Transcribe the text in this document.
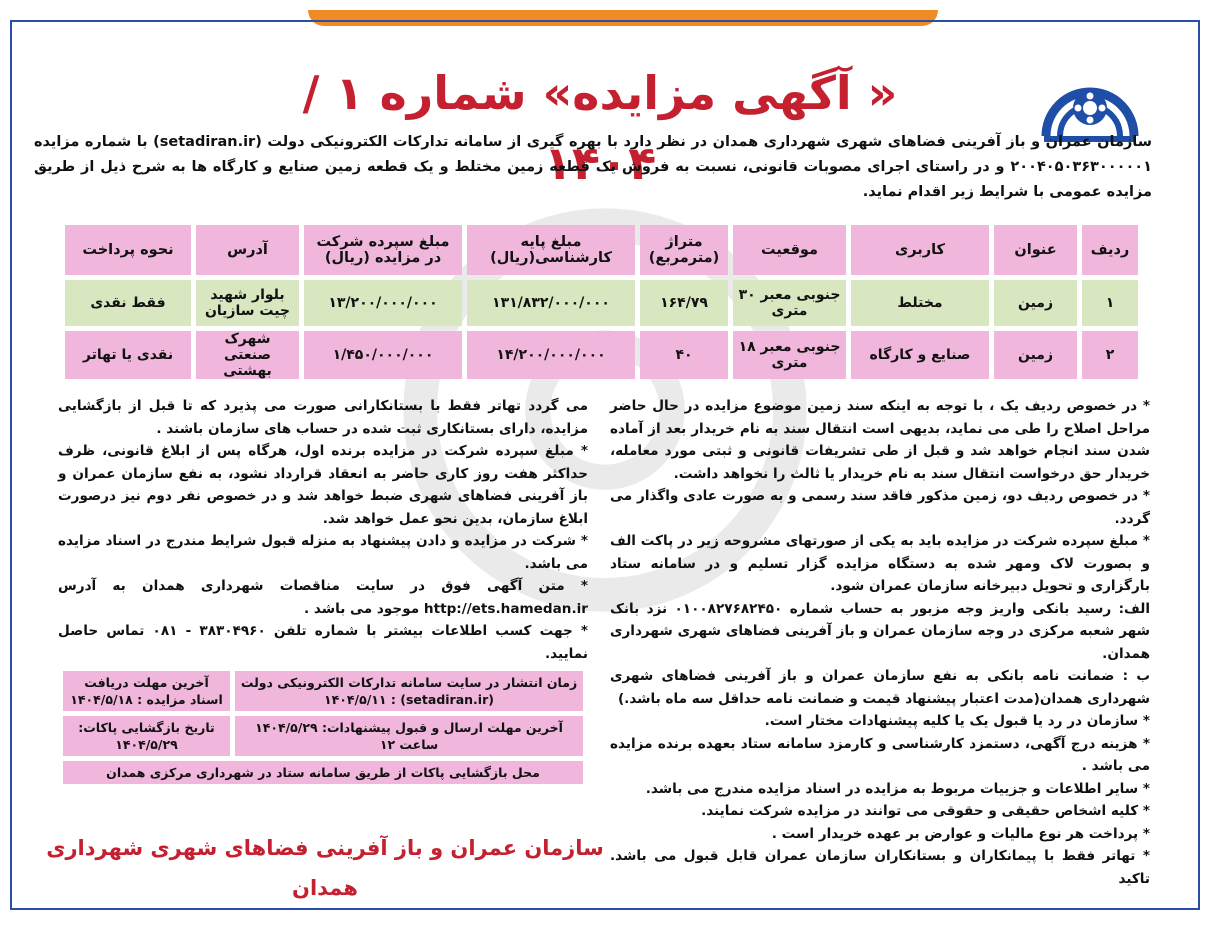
« آگهی مزایده» شماره ۱ /۱۴۰۴
سازمان عمران و باز آفرینی فضاهای شهری شهرداری همدان در نظر دارد با بهره گیری از سامانه تدارکات الکترونیکی دولت (setadiran.ir) با شماره مزایده ۲۰۰۴۰۵۰۳۶۳۰۰۰۰۰۱ و در راستای اجرای مصوبات قانونی، نسبت به فروش یک قطعه زمین مختلط و یک قطعه زمین صنایع و کارگاه ها به شرح ذیل از طریق مزایده عمومی با شرایط زیر اقدام نماید.
ردیف	عنوان	کاربری	موقعیت	متراژ (مترمربع)	مبلغ پایه کارشناسی(ریال)	مبلغ سپرده شرکت در مزایده (ریال)	آدرس	نحوه پرداخت
۱	زمین	مختلط	جنوبی معبر ۳۰ متری	۱۶۴/۷۹	۱۳۱/۸۳۲/۰۰۰/۰۰۰	۱۳/۲۰۰/۰۰۰/۰۰۰	بلوار شهید چیت سازیان	فقط نقدی
۲	زمین	صنایع و کارگاه	جنوبی معبر ۱۸ متری	۴۰	۱۴/۲۰۰/۰۰۰/۰۰۰	۱/۴۵۰/۰۰۰/۰۰۰	شهرک صنعتی بهشتی	نقدی یا تهاتر

* در خصوص ردیف یک ، با توجه به اینکه سند زمین موضوع مزایده در حال حاضر مراحل اصلاح را طی می نماید، بدیهی است انتقال سند به نام خریدار بعد از آماده شدن سند انجام خواهد شد و قبل از طی تشریفات قانونی و ثبتی مورد معامله، خریدار حق درخواست انتقال سند به نام خریدار یا ثالث را نخواهد داشت.

* در خصوص ردیف دو، زمین مذکور فاقد سند رسمی و به صورت عادی واگذار می گردد.

* مبلغ سپرده شرکت در مزایده باید به یکی از صورتهای مشروحه زیر در پاکت الف و بصورت لاک ومهر شده به دستگاه مزایده گزار تسلیم و در سامانه ستاد بارگزاری و تحویل دبیرخانه سازمان عمران شود.

الف: رسید بانکی واریز وجه مزبور به حساب شماره ۰۱۰۰۸۲۷۶۸۲۴۵۰ نزد بانک شهر شعبه مرکزی در وجه سازمان عمران و باز آفرینی فضاهای شهری شهرداری همدان.

ب : ضمانت نامه بانکی به نفع سازمان عمران و باز آفرینی فضاهای شهری شهرداری همدان(مدت اعتبار پیشنهاد قیمت و ضمانت نامه حداقل سه ماه باشد.)

* سازمان در رد یا قبول یک یا کلیه پیشنهادات مختار است.

* هزینه درج آگهی، دستمزد کارشناسی و کارمزد سامانه ستاد بعهده برنده مزایده می باشد .

* سایر اطلاعات و جزییات مربوط به مزایده در اسناد مزایده مندرج می باشد.

* کلیه اشخاص حقیقی و حقوقی می توانند در مزایده شرکت نمایند.

* پرداخت هر نوع مالیات و عوارض بر عهده خریدار است .

* تهاتر فقط با پیمانکاران و بستانکاران سازمان عمران قابل قبول می باشد. تاکید

می گردد تهاتر فقط با بستانکارانی صورت می پذیرد که تا قبل از بازگشایی مزایده، دارای بستانکاری ثبت شده در حساب های سازمان باشند .

* مبلغ سپرده شرکت در مزایده برنده اول، هرگاه پس از ابلاغ قانونی، ظرف حداکثر هفت روز کاری حاضر به انعقاد قرارداد نشود، به نفع سازمان عمران و باز آفرینی فضاهای شهری ضبط خواهد شد و در خصوص نفر دوم نیز درصورت ابلاغ سازمان، بدین نحو عمل خواهد شد.

* شرکت در مزایده و دادن پیشنهاد به منزله قبول شرایط مندرج در اسناد مزایده می باشد.

* متن آگهی فوق در سایت مناقصات شهرداری همدان به آدرس http://ets.hamedan.ir موجود می باشد .

* جهت کسب اطلاعات بیشتر با شماره تلفن ۳۸۳۰۴۹۶۰ - ۰۸۱ تماس حاصل نمایید.

زمان انتشار در سایت سامانه تدارکات الکترونیکی دولت (setadiran.ir) : ۱۴۰۴/۵/۱۱	آخرین مهلت دریافت اسناد مزایده : ۱۴۰۴/۵/۱۸
آخرین مهلت ارسال و قبول پیشنهادات: ۱۴۰۴/۵/۲۹ ساعت ۱۲	تاریخ بازگشایی پاکات: ۱۴۰۴/۵/۲۹
محل بازگشایی پاکات از طریق سامانه ستاد در شهرداری مرکزی همدان	
سازمان عمران و باز آفرینی فضاهای شهری شهرداری همدان
